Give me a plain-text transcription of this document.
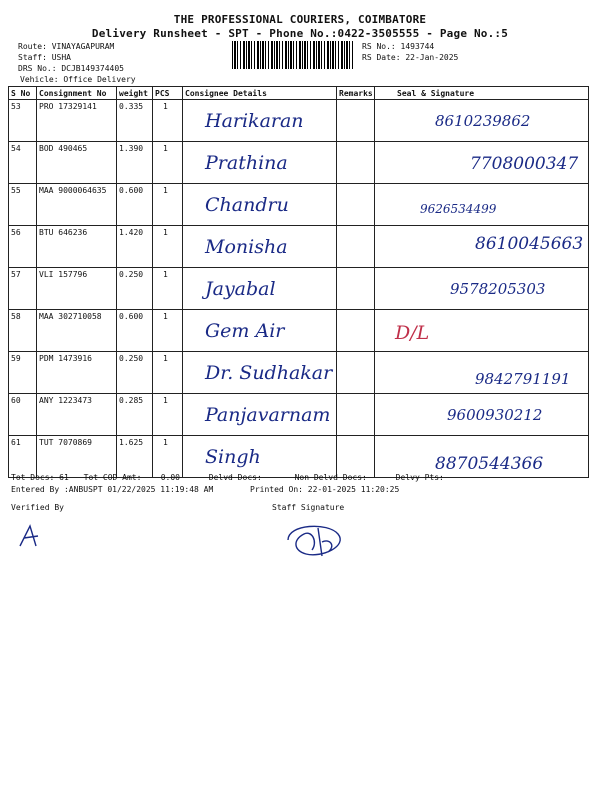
THE PROFESSIONAL COURIERS, COIMBATORE
Delivery Runsheet - SPT - Phone No.:0422-3505555 - Page No.:5
Route: VINAYAGAPURAM
Staff: USHA
DRS No.: DCJB149374405
Vehicle: Office Delivery
RS No.: 1493744
RS Date: 22-Jan-2025
S No	Consignment No	weight	PCS	Consignee Details	Remarks	Seal & Signature
53	PRO 17329141	0.335	1	Harikaran		8610239862

54	BOD 490465	1.390	1	Prathina		7708000347

55	MAA 9000064635	0.600	1	Chandru		9626534499

56	BTU 646236	1.420	1	Monisha		8610045663

57	VLI 157796	0.250	1	Jayabal		9578205303

58	MAA 302710058	0.600	1	Gem Air		D/L

59	PDM 1473916	0.250	1	Dr. Sudhakar		9842791191

60	ANY 1223473	0.285	1	Panjavarnam		9600930212

61	TUT 7070869	1.625	1	Singh		8870544366
Tot Docs: 61 Tot COD Amt:    0.00	Delvd Docs:	Non Delvd Docs:	Delvy Pts:
Entered By :ANBUSPT 01/22/2025 11:19:48 AM	Printed On: 22-01-2025 11:20:25
Verified By	Staff Signature
